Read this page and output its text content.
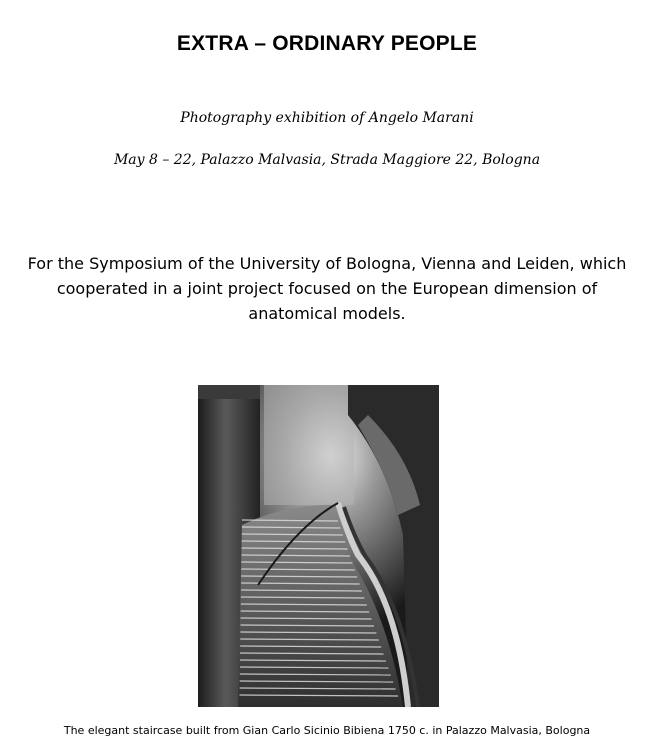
EXTRA – ORDINARY PEOPLE
Photography exhibition of Angelo Marani
May 8 – 22, Palazzo Malvasia, Strada Maggiore 22, Bologna
For the Symposium of the University of Bologna, Vienna and Leiden, which cooperated in a joint project focused on the European dimension of anatomical models.
The elegant staircase built from Gian Carlo Sicinio Bibiena 1750 c. in Palazzo Malvasia, Bologna
